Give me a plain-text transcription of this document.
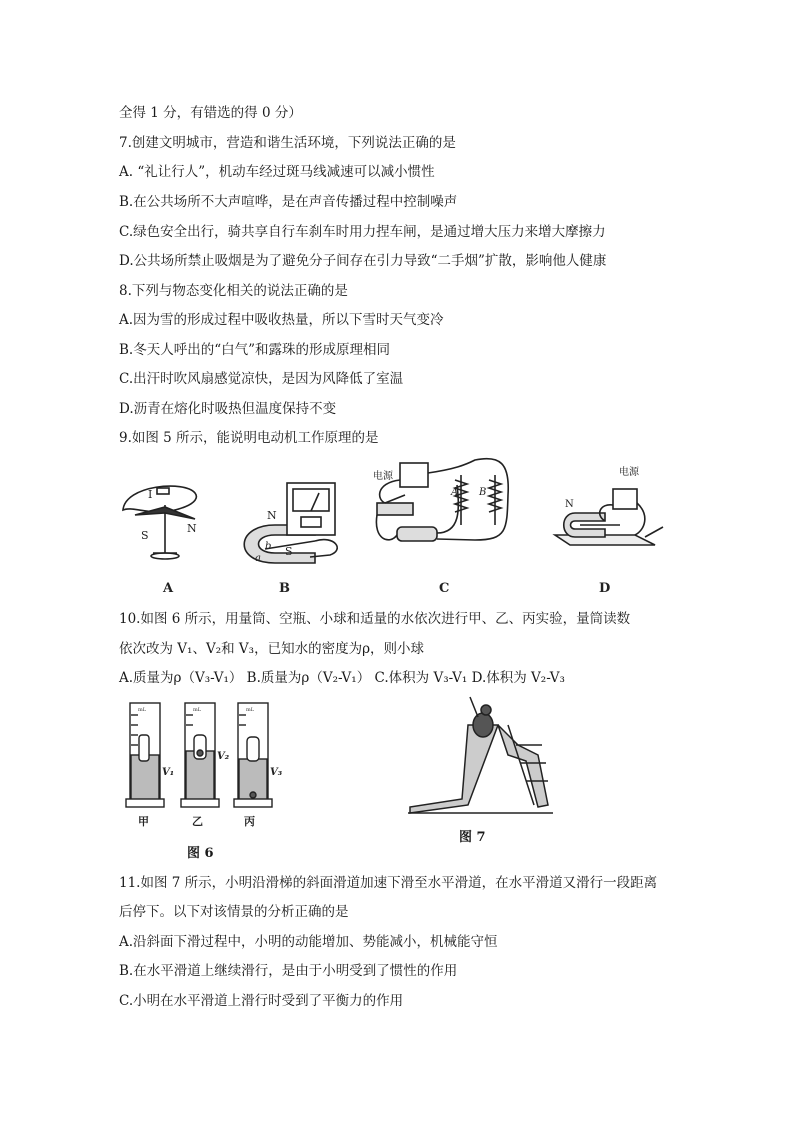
全得 1 分，有错选的得 0 分）
7.创建文明城市，营造和谐生活环境，下列说法正确的是
A. “礼让行人”，机动车经过斑马线减速可以减小惯性
B.在公共场所不大声喧哗，是在声音传播过程中控制噪声
C.绿色安全出行，骑共享自行车刹车时用力捏车闸，是通过增大压力来增大摩擦力
D.公共场所禁止吸烟是为了避免分子间存在引力导致“二手烟”扩散，影响他人健康
8.下列与物态变化相关的说法正确的是
A.因为雪的形成过程中吸收热量，所以下雪时天气变冷
B.冬天人呼出的“白气”和露珠的形成原理相同
C.出汗时吹风扇感觉凉快，是因为风降低了室温
D.沥青在熔化时吸热但温度保持不变
9.如图 5 所示，能说明电动机工作原理的是
I
S
N
N
S
a
b
电源
A B
电源
N
A	B	C	D
10.如图 6 所示，用量筒、空瓶、小球和适量的水依次进行甲、乙、丙实验，量筒读数
依次改为 V₁、V₂和 V₃，已知水的密度为ρ，则小球
A.质量为ρ（V₃-V₁） B.质量为ρ（V₂-V₁） C.体积为 V₃-V₁ D.体积为 V₂-V₃
mL	mL	mL
V₁
V₂
V₃
甲	乙	丙
图 6
图 7
11.如图 7 所示，小明沿滑梯的斜面滑道加速下滑至水平滑道，在水平滑道又滑行一段距离
后停下。以下对该情景的分析正确的是
A.沿斜面下滑过程中，小明的动能增加、势能减小，机械能守恒
B.在水平滑道上继续滑行，是由于小明受到了惯性的作用
C.小明在水平滑道上滑行时受到了平衡力的作用
